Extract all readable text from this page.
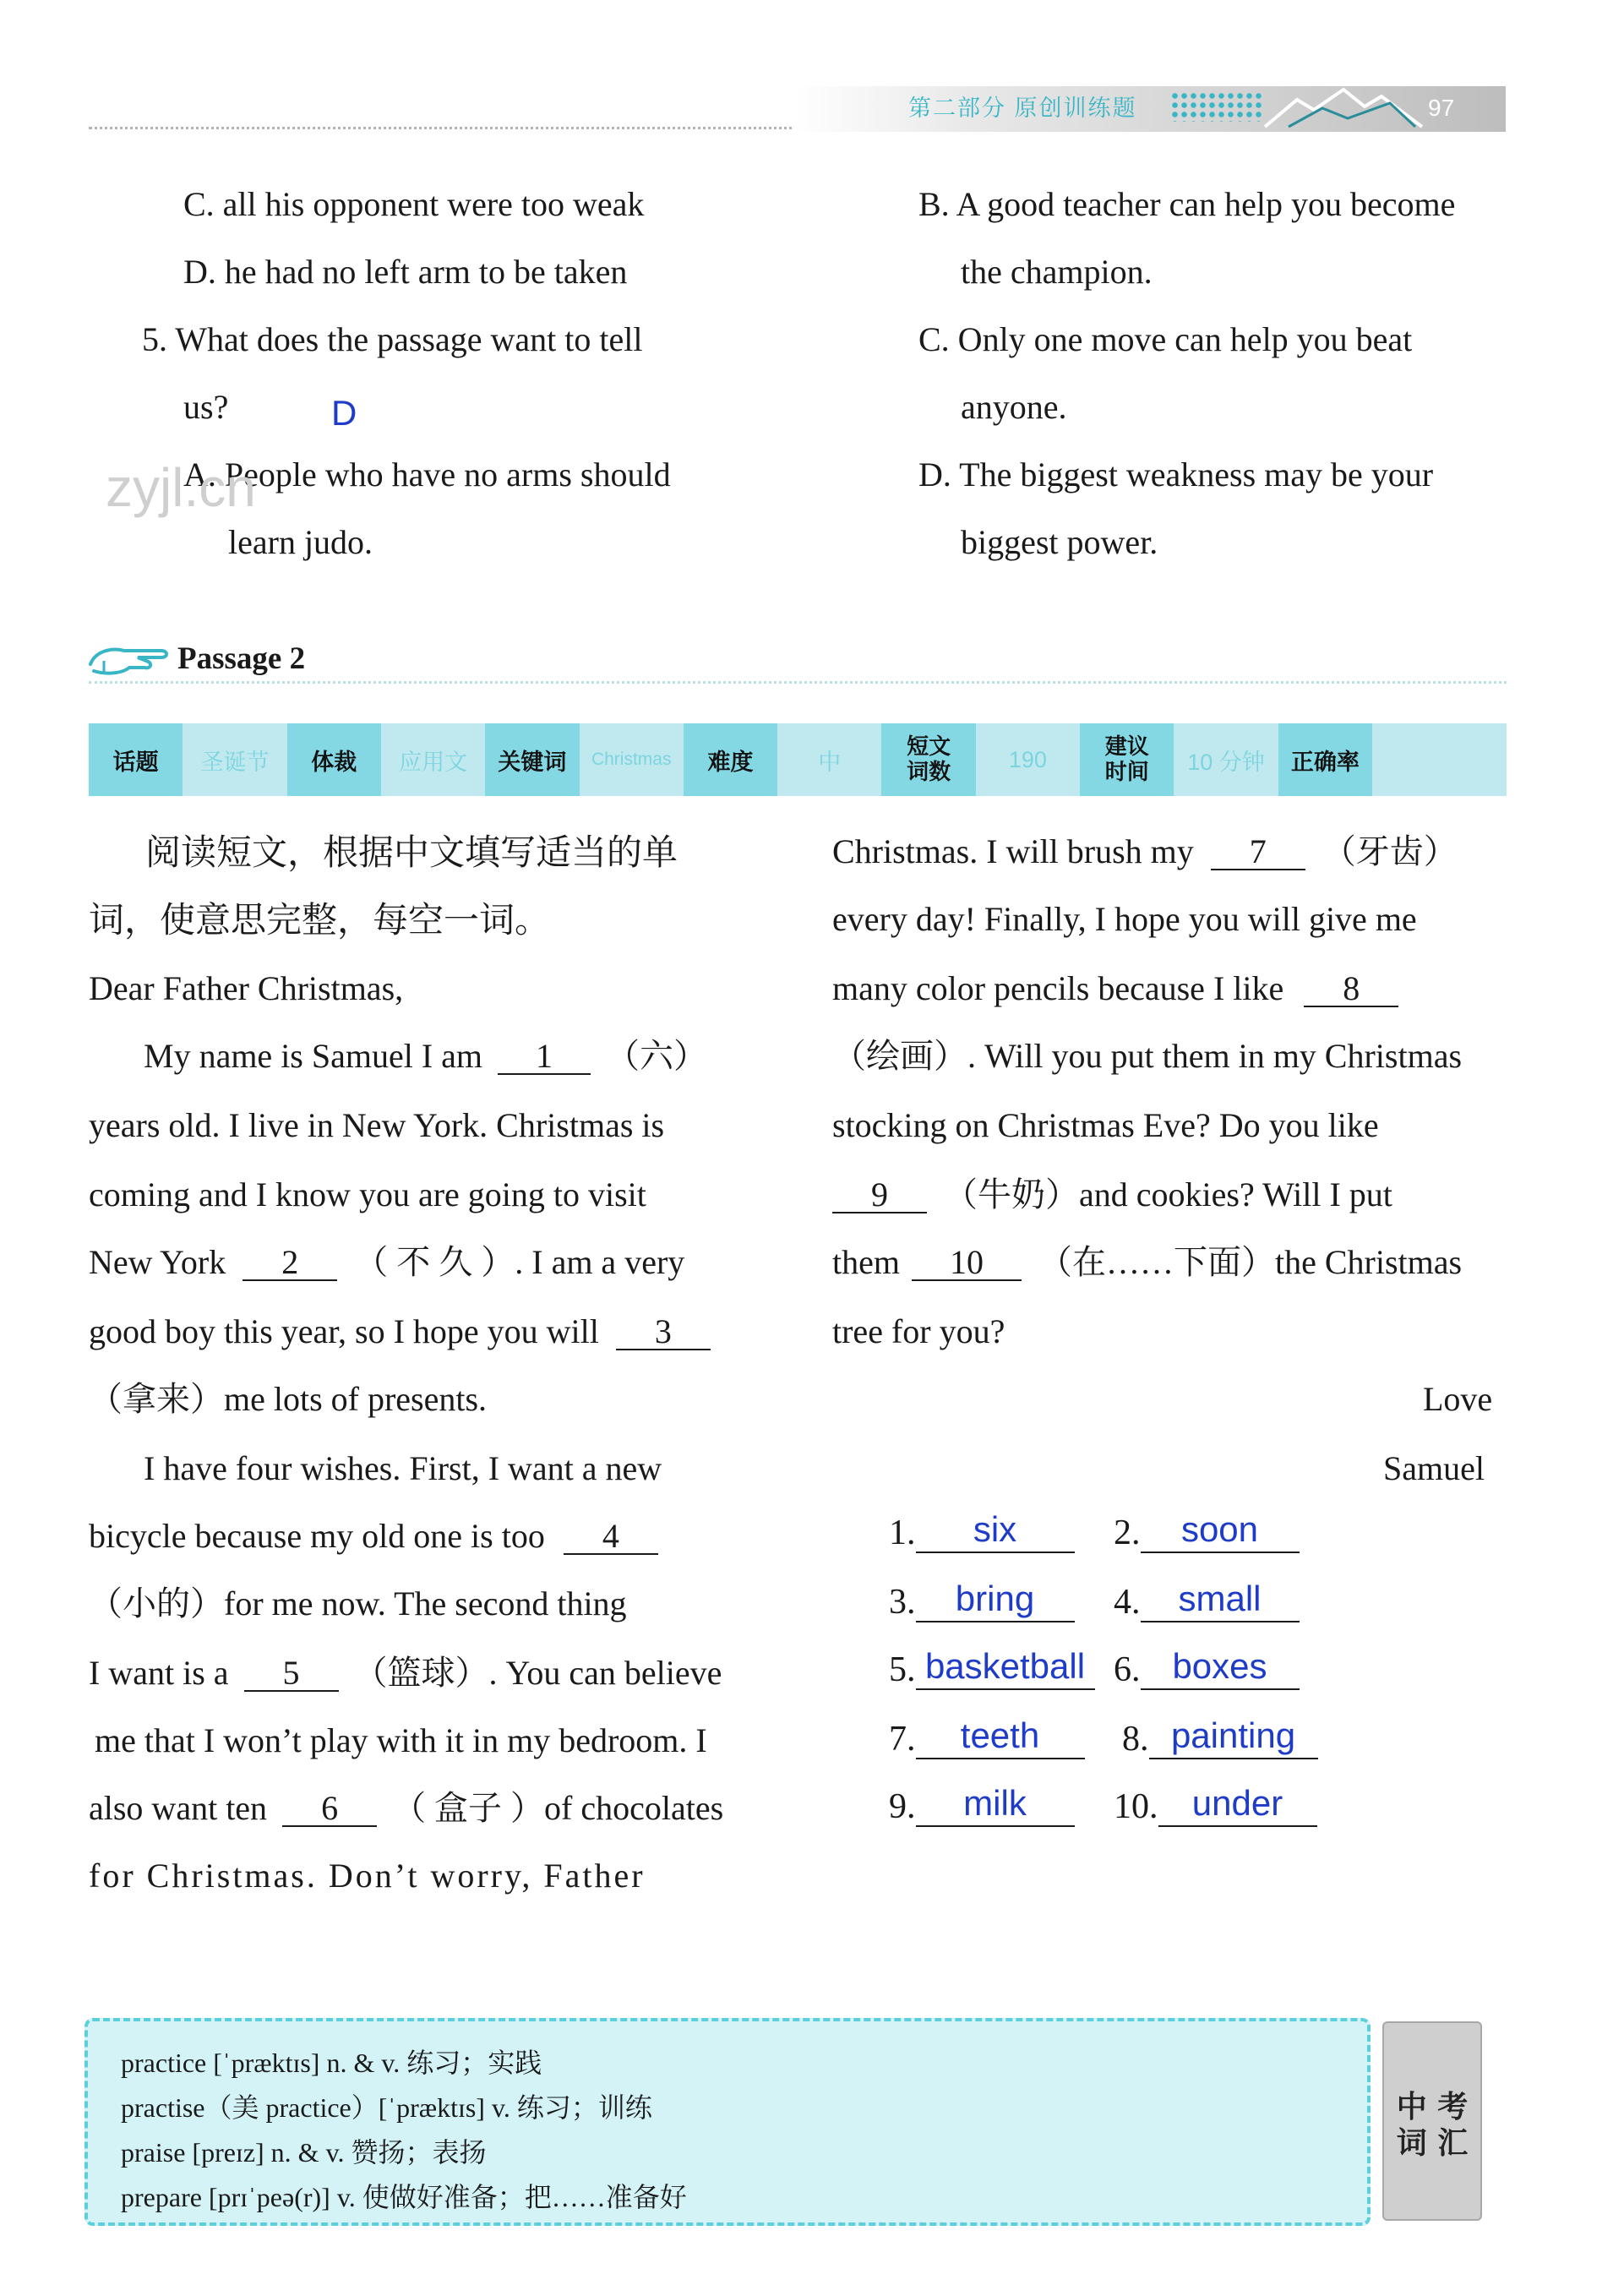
第二部分 原创训练题	97
C. all his opponent were too weak
D. he had no left arm to be taken
5. What does the passage want to tell
us?	D
A. People who have no arms should
learn judo.
zyjl.cn
B. A good teacher can help you become
the champion.
C. Only one move can help you beat
anyone.
D. The biggest weakness may be your
biggest power.
Passage 2
话题	圣诞节	体裁	应用文	关键词	Christmas	难度	中
短文
词数	190
建议
时间	10 分钟	正确率
阅读短文，根据中文填写适当的单
词，使意思完整，每空一词。
Dear Father Christmas,
My name is Samuel I am 1 （六）
years old. I live in New York. Christmas is
coming and I know you are going to visit
New York 2 （ 不 久 ）. I am a very
good boy this year, so I hope you will 3
（拿来）me lots of presents.
I have four wishes. First, I want a new
bicycle because my old one is too 4
（小的）for me now. The second thing
I want is a 5 （篮球）. You can believe
me that I won’t play with it in my bedroom. I
also want ten 6 （ 盒子 ）of chocolates
for Christmas. Don’t worry, Father
Christmas. I will brush my 7 （牙齿）
every day! Finally, I hope you will give me
many color pencils because I like 8
（绘画）. Will you put them in my Christmas
stocking on Christmas Eve? Do you like
9 （牛奶）and cookies? Will I put
them 10 （在……下面）the Christmas
tree for you?
Love
Samuel
1.	six	2.	soon
3.	bring	4.	small
5. basketball 6. boxes
7.	teeth	8. painting
9.	milk	10. under
practice [ˈpræktɪs] n. & v. 练习；实践
practise（美 practice）[ˈpræktɪs] v. 练习；训练
praise [preɪz] n. & v. 赞扬；表扬
prepare [prɪˈpeə(r)] v. 使做好准备；把……准备好
中 考
词 汇
